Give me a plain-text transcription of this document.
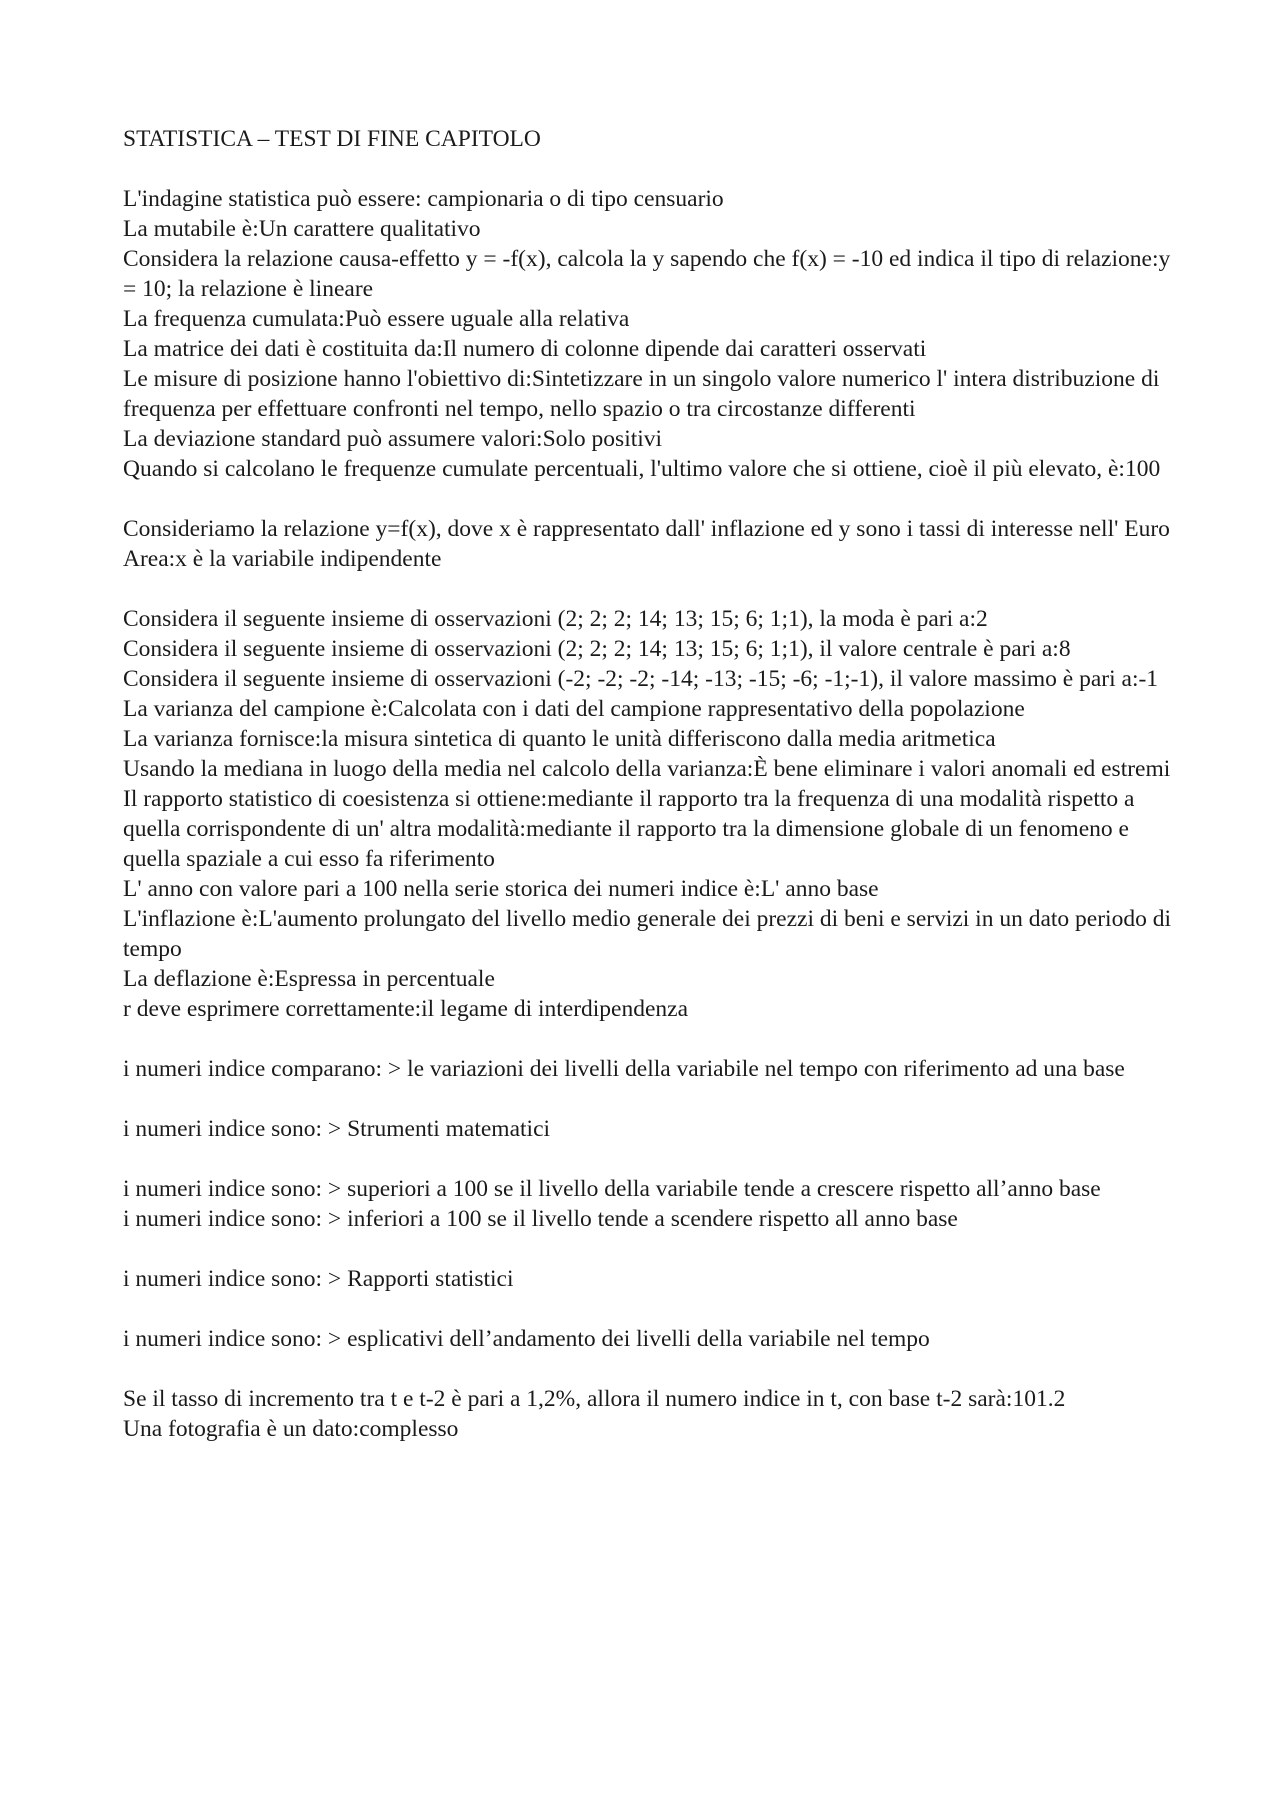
STATISTICA – TEST DI FINE CAPITOLO

L'indagine statistica può essere: campionaria o di tipo censuario

La mutabile è:Un carattere qualitativo

Considera la relazione causa-effetto y = -f(x), calcola la y sapendo che f(x) = -10 ed indica il tipo di relazione:y = 10; la relazione è lineare

La frequenza cumulata:Può essere uguale alla relativa

La matrice dei dati è costituita da:Il numero di colonne dipende dai caratteri osservati

Le misure di posizione hanno l'obiettivo di:Sintetizzare in un singolo valore numerico l' intera distribuzione di frequenza per effettuare confronti nel tempo, nello spazio o tra circostanze differenti

La deviazione standard può assumere valori:Solo positivi

Quando si calcolano le frequenze cumulate percentuali, l'ultimo valore che si ottiene, cioè il più elevato, è:100

Consideriamo la relazione y=f(x), dove x è rappresentato dall' inflazione ed y sono i tassi di interesse nell' Euro Area:x è la variabile indipendente

Considera il seguente insieme di osservazioni (2; 2; 2; 14; 13; 15; 6; 1;1), la moda è pari a:2

Considera il seguente insieme di osservazioni (2; 2; 2; 14; 13; 15; 6; 1;1), il valore centrale è pari a:8

Considera il seguente insieme di osservazioni (-2; -2; -2; -14; -13; -15; -6; -1;-1), il valore massimo è pari a:-1

La varianza del campione è:Calcolata con i dati del campione rappresentativo della popolazione

La varianza fornisce:la misura sintetica di quanto le unità differiscono dalla media aritmetica

Usando la mediana in luogo della media nel calcolo della varianza:È bene eliminare i valori anomali ed estremi

Il rapporto statistico di coesistenza si ottiene:mediante il rapporto tra la frequenza di una modalità rispetto a quella corrispondente di un' altra modalità:mediante il rapporto tra la dimensione globale di un fenomeno e quella spaziale a cui esso fa riferimento

L' anno con valore pari a 100 nella serie storica dei numeri indice è:L' anno base

L'inflazione è:L'aumento prolungato del livello medio generale dei prezzi di beni e servizi in un dato periodo di tempo

La deflazione è:Espressa in percentuale

r deve esprimere correttamente:il legame di interdipendenza

i numeri indice comparano: > le variazioni dei livelli della variabile nel tempo con riferimento ad una base

i numeri indice sono: > Strumenti matematici

i numeri indice sono: > superiori a 100 se il livello della variabile tende a crescere rispetto all’anno base

i numeri indice sono: > inferiori a 100 se il livello tende a scendere rispetto all anno base

i numeri indice sono: > Rapporti statistici

i numeri indice sono: > esplicativi dell’andamento dei livelli della variabile nel tempo

Se il tasso di incremento tra t e t-2 è pari a 1,2%, allora il numero indice in t, con base t-2 sarà:101.2

Una fotografia è un dato:complesso
